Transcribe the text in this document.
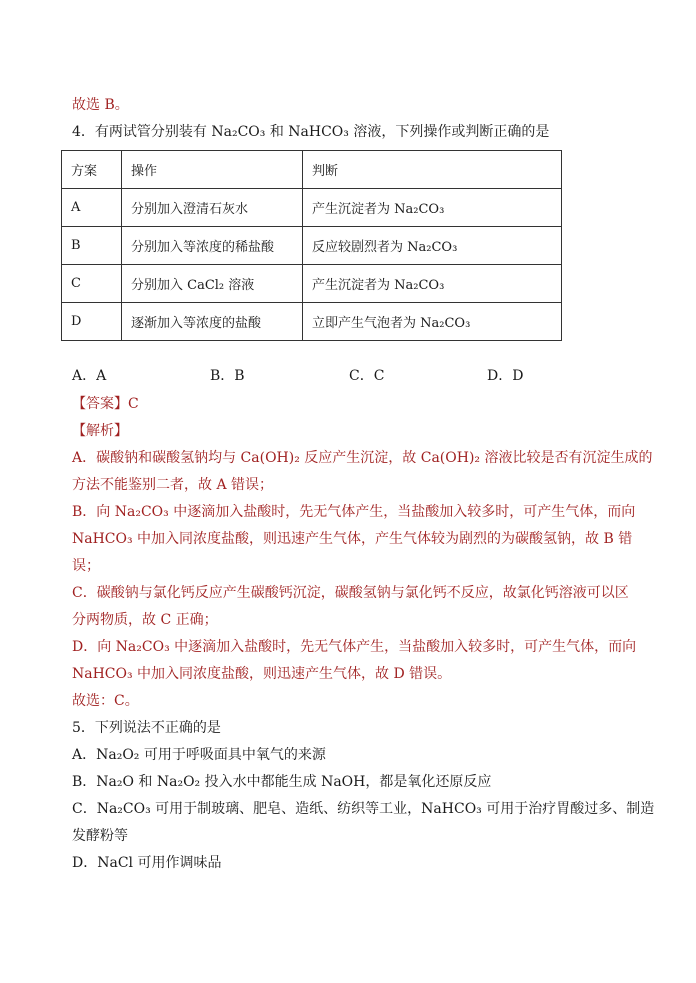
故选 B。
4．有两试管分别装有 Na₂CO₃ 和 NaHCO₃ 溶液，下列操作或判断正确的是
方案	操作	判断
A	分别加入澄清石灰水	产生沉淀者为 Na₂CO₃
B	分别加入等浓度的稀盐酸	反应较剧烈者为 Na₂CO₃
C	分别加入 CaCl₂ 溶液	产生沉淀者为 Na₂CO₃
D	逐渐加入等浓度的盐酸	立即产生气泡者为 Na₂CO₃
A．A	B．B	C．C	D．D
【答案】C
【解析】
A．碳酸钠和碳酸氢钠均与 Ca(OH)₂ 反应产生沉淀，故 Ca(OH)₂ 溶液比较是否有沉淀生成的
方法不能鉴别二者，故 A 错误；
B．向 Na₂CO₃ 中逐滴加入盐酸时，先无气体产生，当盐酸加入较多时，可产生气体，而向
NaHCO₃ 中加入同浓度盐酸，则迅速产生气体，产生气体较为剧烈的为碳酸氢钠，故 B 错
误；
C．碳酸钠与氯化钙反应产生碳酸钙沉淀，碳酸氢钠与氯化钙不反应，故氯化钙溶液可以区
分两物质，故 C 正确；
D．向 Na₂CO₃ 中逐滴加入盐酸时，先无气体产生，当盐酸加入较多时，可产生气体，而向
NaHCO₃ 中加入同浓度盐酸，则迅速产生气体，故 D 错误。
故选：C。
5．下列说法不正确的是
A．Na₂O₂ 可用于呼吸面具中氧气的来源
B．Na₂O 和 Na₂O₂ 投入水中都能生成 NaOH，都是氧化还原反应
C．Na₂CO₃ 可用于制玻璃、肥皂、造纸、纺织等工业，NaHCO₃ 可用于治疗胃酸过多、制造
发酵粉等
D．NaCl 可用作调味品
